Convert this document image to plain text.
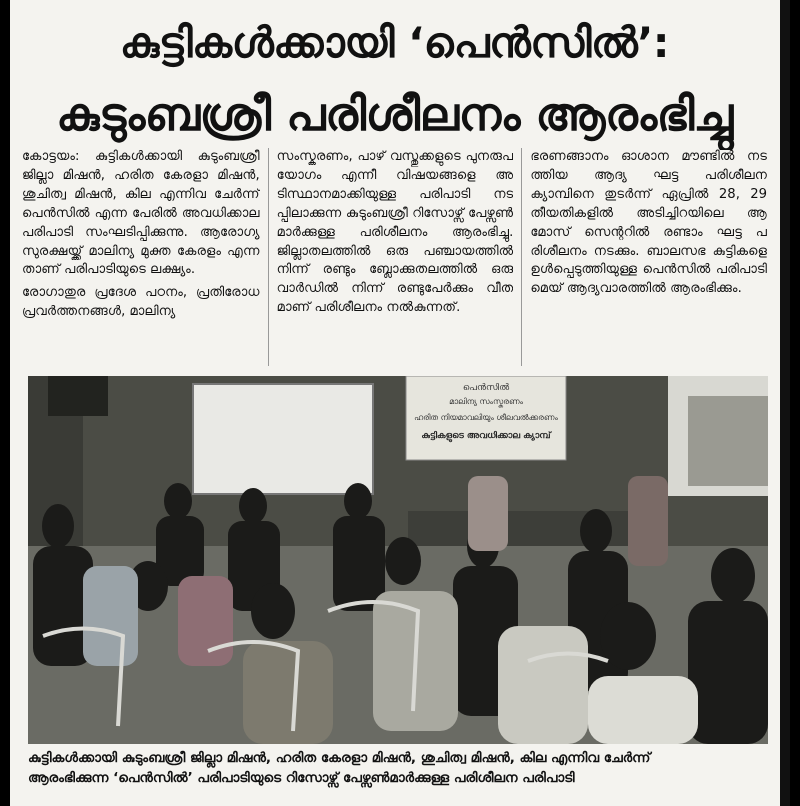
കുട്ടികൾക്കായി ‘പെൻസിൽ’:
കുടുംബശ്രീ പരിശീലനം ആരംഭിച്ചു

കോട്ടയം: കുട്ടികൾക്കായി കുടുംബശ്രീ ജില്ലാ മിഷൻ, ഹരിത കേരളാ മിഷൻ, ശുചിത്വ മിഷൻ, കില എന്നിവ ചേർന്ന് പെൻസിൽ എന്ന പേരിൽ അവധിക്കാല പരിപാടി സംഘടിപ്പിക്കുന്നു. ആരോഗ്യ സുരക്ഷയ്ക്ക് മാലിന്യ മുക്ത കേരളം എന്നതാണ് പരിപാടിയുടെ ലക്ഷ്യം.

രോഗാതുര പ്രദേശ പഠനം, പ്രതിരോധ പ്രവർത്തനങ്ങൾ, മാലിന്യ

സംസ്കരണം, പാഴ് വസ്തുക്കളുടെ പുനരുപയോഗം എന്നീ വിഷയങ്ങളെ അടിസ്ഥാനമാക്കിയുള്ള പരിപാടി നടപ്പിലാക്കുന്ന കുടുംബശ്രീ റിസോഴ്സ് പേഴ്സൺമാർക്കുള്ള പരിശീലനം ആരംഭിച്ചു. ജില്ലാതലത്തിൽ ഒരു പഞ്ചായത്തിൽ നിന്ന് രണ്ടും ബ്ലോക്കുതലത്തിൽ ഒരു വാർഡിൽ നിന്ന് രണ്ടുപേർക്കും വീതമാണ് പരിശീലനം നൽകുന്നത്.

ഭരണങ്ങാനം ഓശാന മൗണ്ടിൽ നടത്തിയ ആദ്യ ഘട്ട പരിശീലന ക്യാമ്പിനെ തുടർന്ന് ഏപ്രിൽ 28, 29 തീയതികളിൽ അടിച്ചിറയിലെ ആമോസ് സെന്ററിൽ രണ്ടാം ഘട്ട പരിശീലനം നടക്കും. ബാലസഭ കുട്ടികളെ ഉൾപ്പെടുത്തിയുള്ള പെൻസിൽ പരിപാടി മെയ് ആദ്യവാരത്തിൽ ആരംഭിക്കും.

പെൻസിൽ
മാലിന്യ സംസ്കരണം
ഹരിത നിയമാവലിയും ശീലവൽക്കരണം
കുട്ടികളുടെ അവധിക്കാല ക്യാമ്പ്
കുട്ടികൾക്കായി കുടുംബശ്രീ ജില്ലാ മിഷൻ, ഹരിത കേരളാ മിഷൻ, ശുചിത്വ മിഷൻ, കില എന്നിവ ചേർന്ന്
ആരംഭിക്കുന്ന ‘പെൻസിൽ’ പരിപാടിയുടെ റിസോഴ്സ് പേഴ്സൺമാർക്കുള്ള പരിശീലന പരിപാടി
